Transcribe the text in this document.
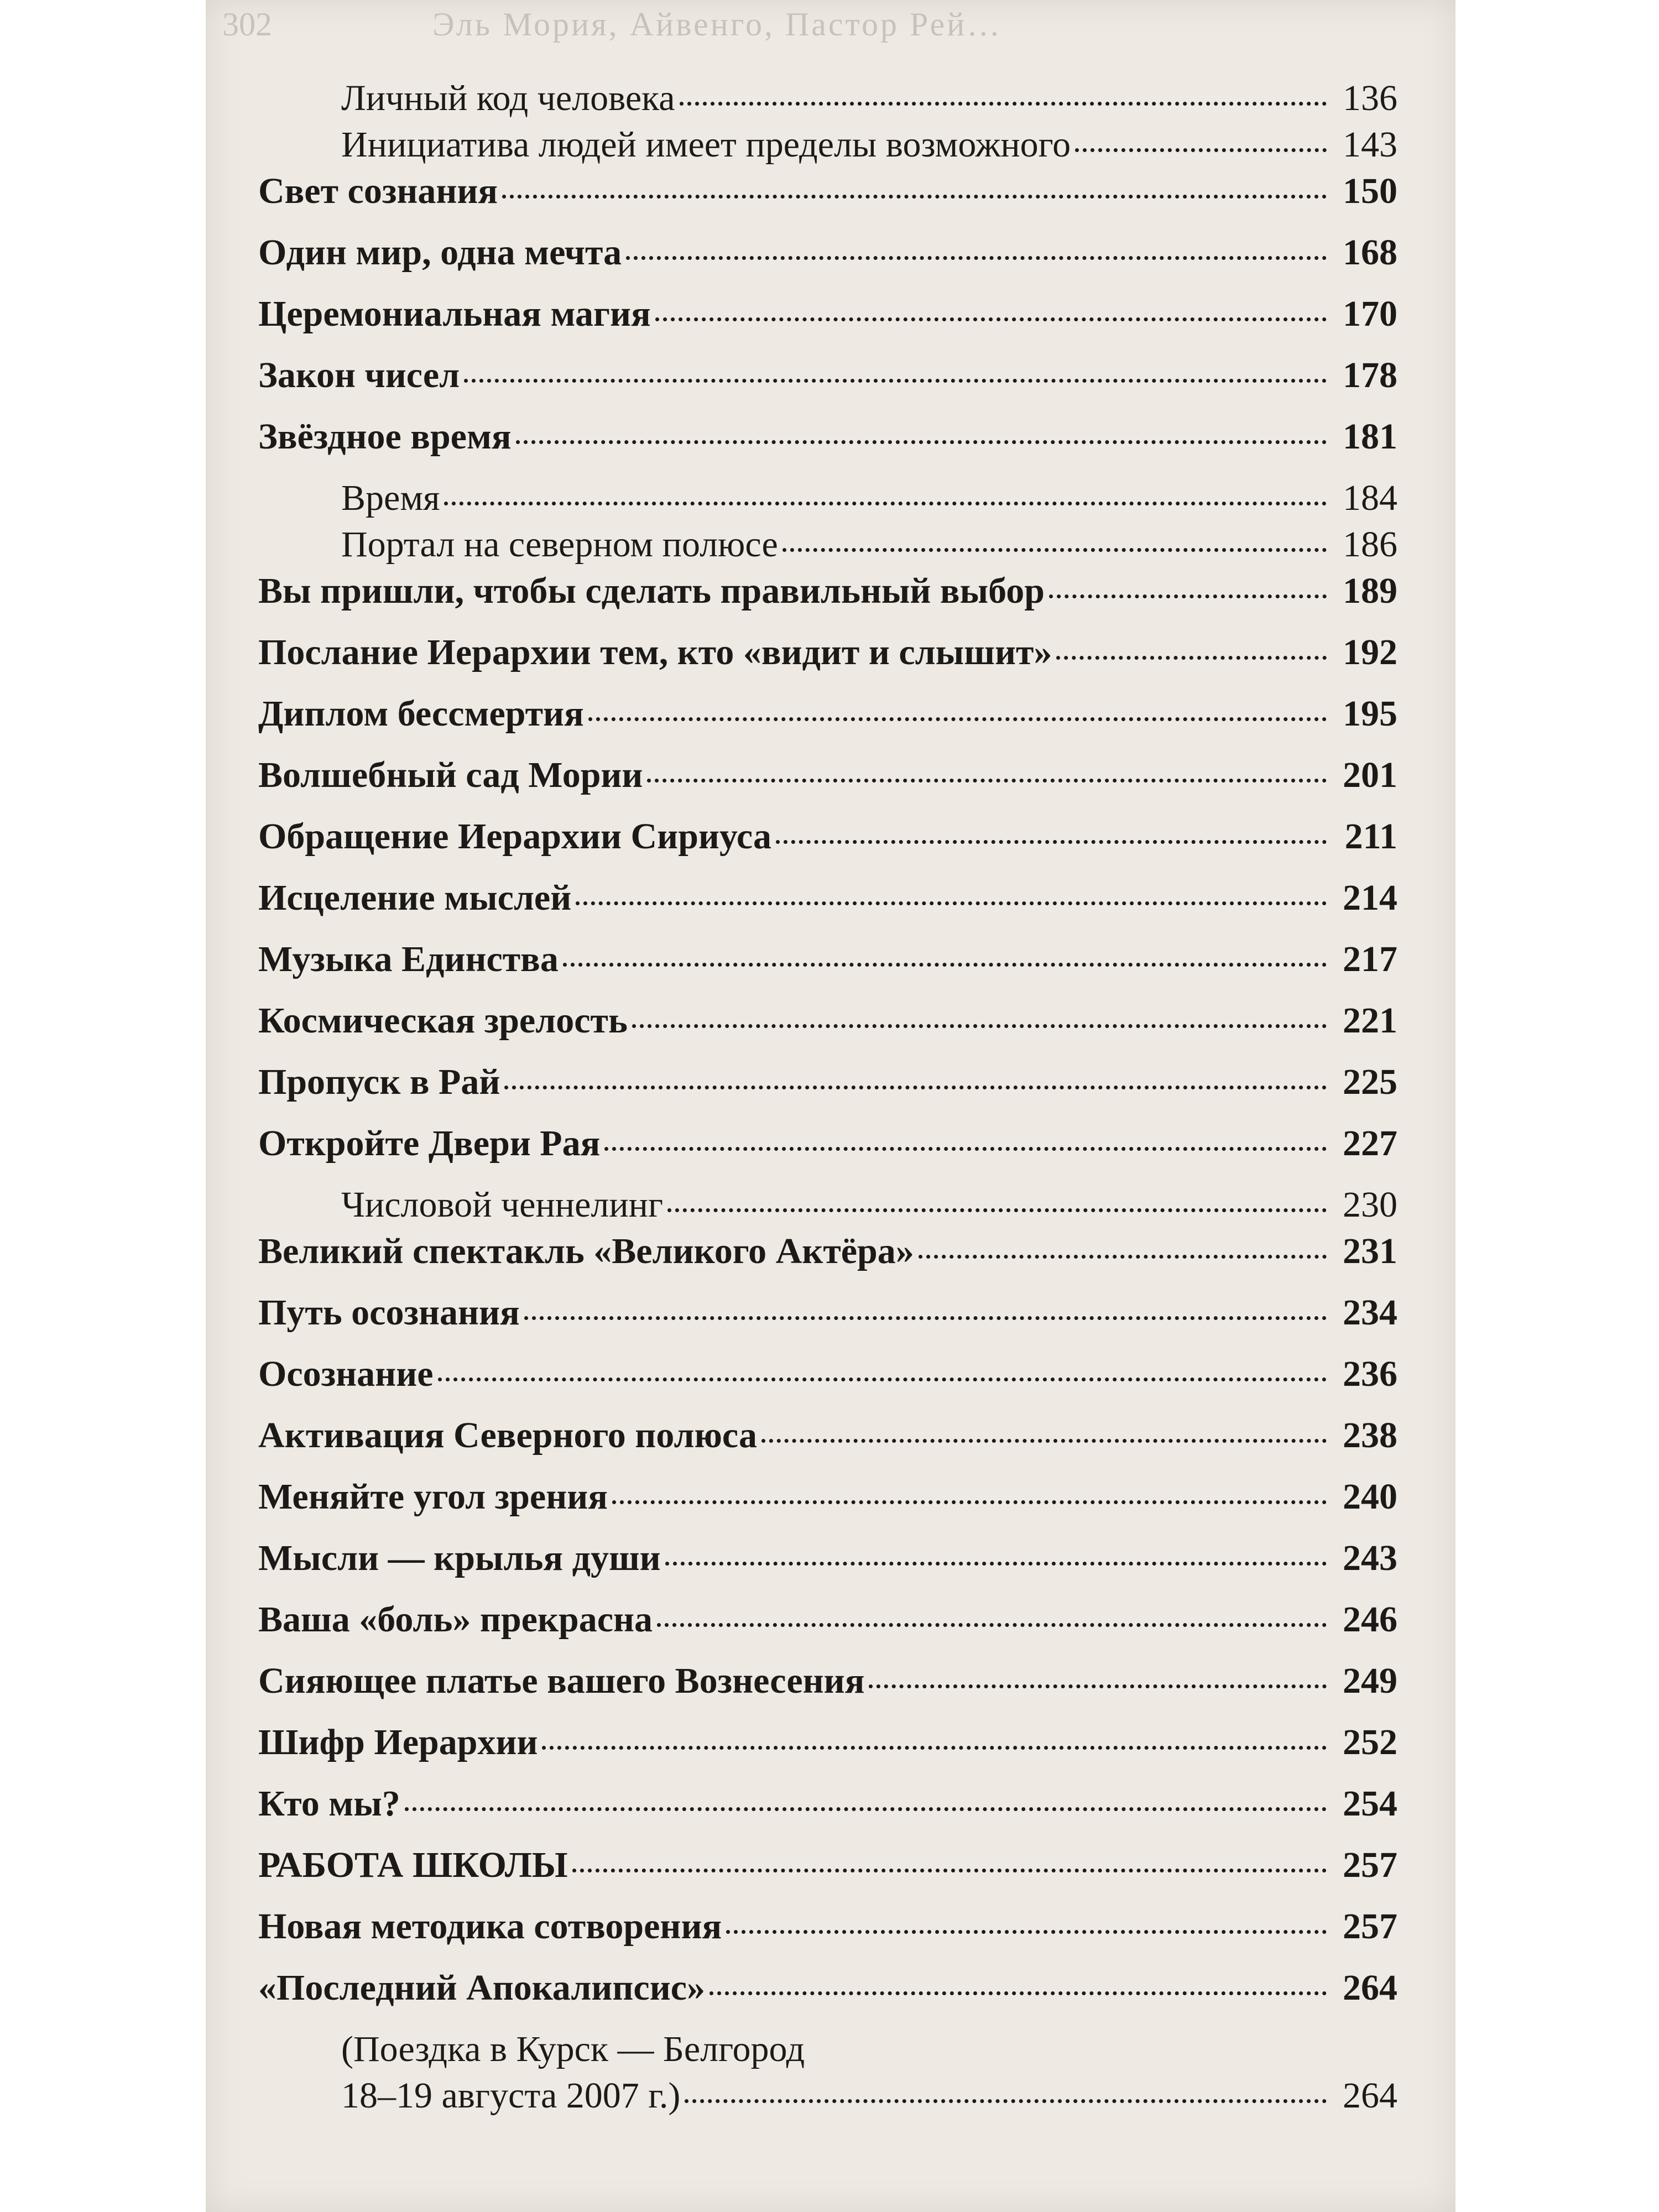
302	Эль Мория, Айвенго, Пастор Рей…
Личный код человека	136
Инициатива людей имеет пределы возможного	143
Свет сознания	150
Один мир, одна мечта	168
Церемониальная магия	170
Закон чисел	178
Звёздное время	181
Время	184
Портал на северном полюсе	186
Вы пришли, чтобы сделать правильный выбор	189
Послание Иерархии тем, кто «видит и слышит»	192
Диплом бессмертия	195
Волшебный сад Мории	201
Обращение Иерархии Сириуса	211
Исцеление мыслей	214
Музыка Единства	217
Космическая зрелость	221
Пропуск в Рай	225
Откройте Двери Рая	227
Числовой ченнелинг	230
Великий спектакль «Великого Актёра»	231
Путь осознания	234
Осознание	236
Активация Северного полюса	238
Меняйте угол зрения	240
Мысли — крылья души	243
Ваша «боль» прекрасна	246
Сияющее платье вашего Вознесения	249
Шифр Иерархии	252
Кто мы?	254
РАБОТА ШКОЛЫ	257
Новая методика сотворения	257
«Последний Апокалипсис»	264
(Поездка в Курск — Белгород
18–19 августа 2007 г.)	264
